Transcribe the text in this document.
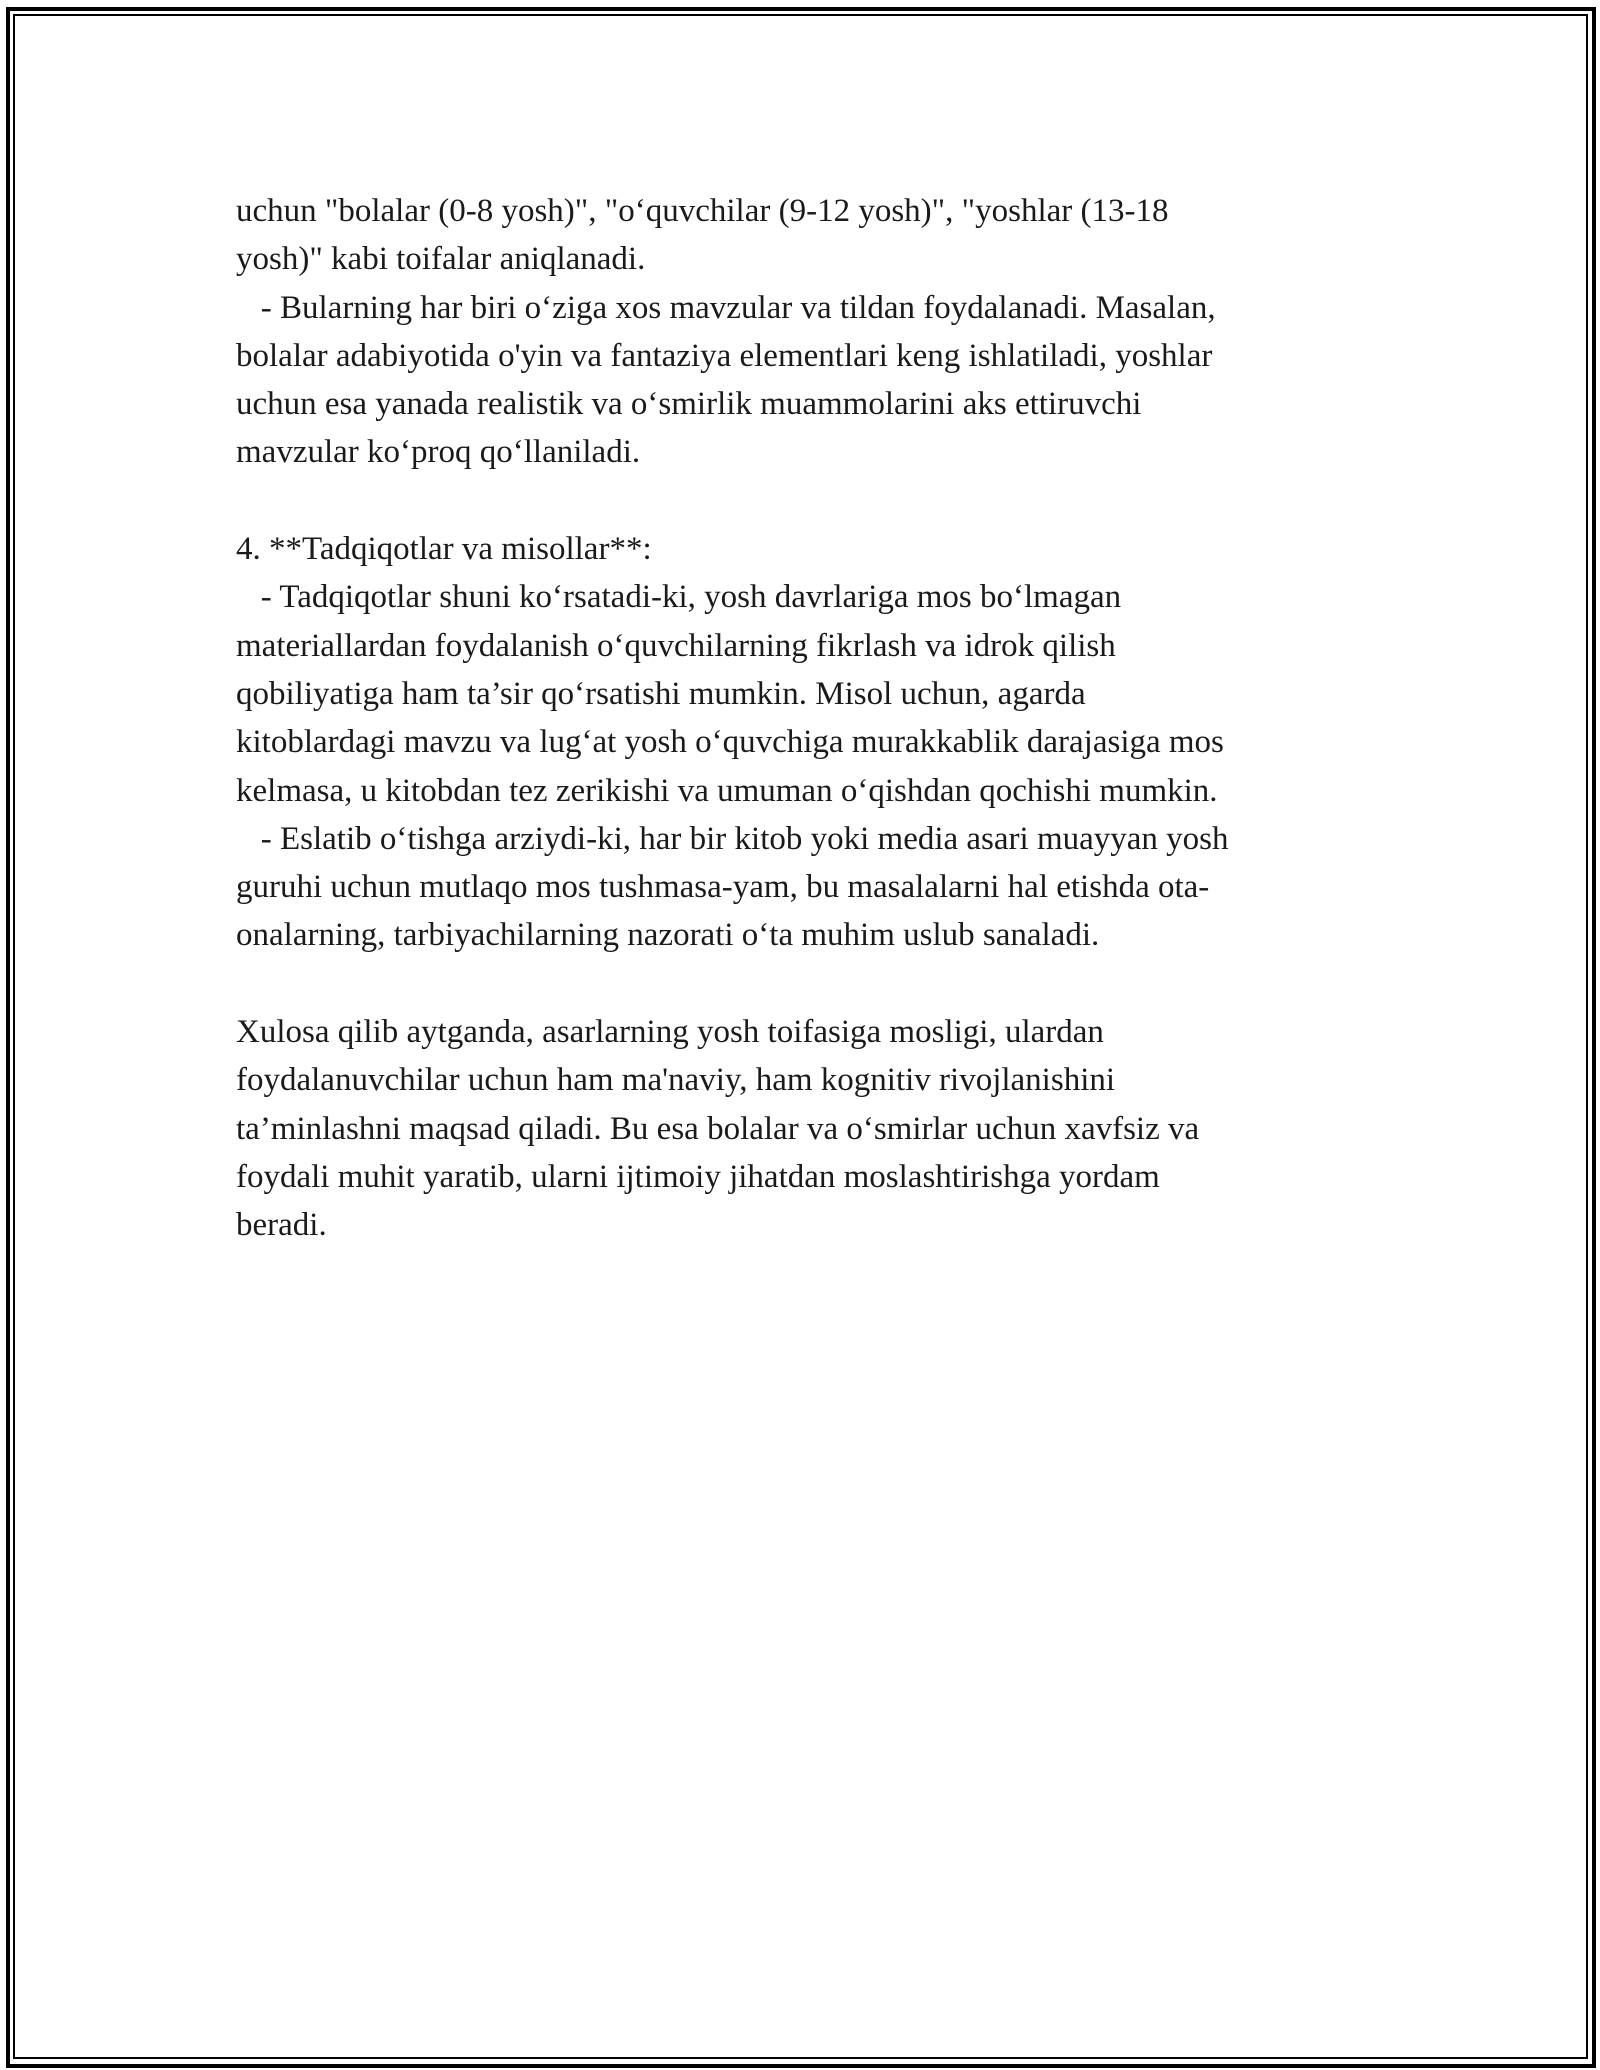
uchun "bolalar (0-8 yosh)", "o‘quvchilar (9-12 yosh)", "yoshlar (13-18
yosh)" kabi toifalar aniqlanadi.
- Bularning har biri o‘ziga xos mavzular va tildan foydalanadi. Masalan,
bolalar adabiyotida o'yin va fantaziya elementlari keng ishlatiladi, yoshlar
uchun esa yanada realistik va o‘smirlik muammolarini aks ettiruvchi
mavzular ko‘proq qo‘llaniladi.
4. **Tadqiqotlar va misollar**:
- Tadqiqotlar shuni ko‘rsatadi-ki, yosh davrlariga mos bo‘lmagan
materiallardan foydalanish o‘quvchilarning fikrlash va idrok qilish
qobiliyatiga ham ta’sir qo‘rsatishi mumkin. Misol uchun, agarda
kitoblardagi mavzu va lug‘at yosh o‘quvchiga murakkablik darajasiga mos
kelmasa, u kitobdan tez zerikishi va umuman o‘qishdan qochishi mumkin.
- Eslatib o‘tishga arziydi-ki, har bir kitob yoki media asari muayyan yosh
guruhi uchun mutlaqo mos tushmasa-yam, bu masalalarni hal etishda ota-
onalarning, tarbiyachilarning nazorati o‘ta muhim uslub sanaladi.
Xulosa qilib aytganda, asarlarning yosh toifasiga mosligi, ulardan
foydalanuvchilar uchun ham ma'naviy, ham kognitiv rivojlanishini
ta’minlashni maqsad qiladi. Bu esa bolalar va o‘smirlar uchun xavfsiz va
foydali muhit yaratib, ularni ijtimoiy jihatdan moslashtirishga yordam
beradi.
